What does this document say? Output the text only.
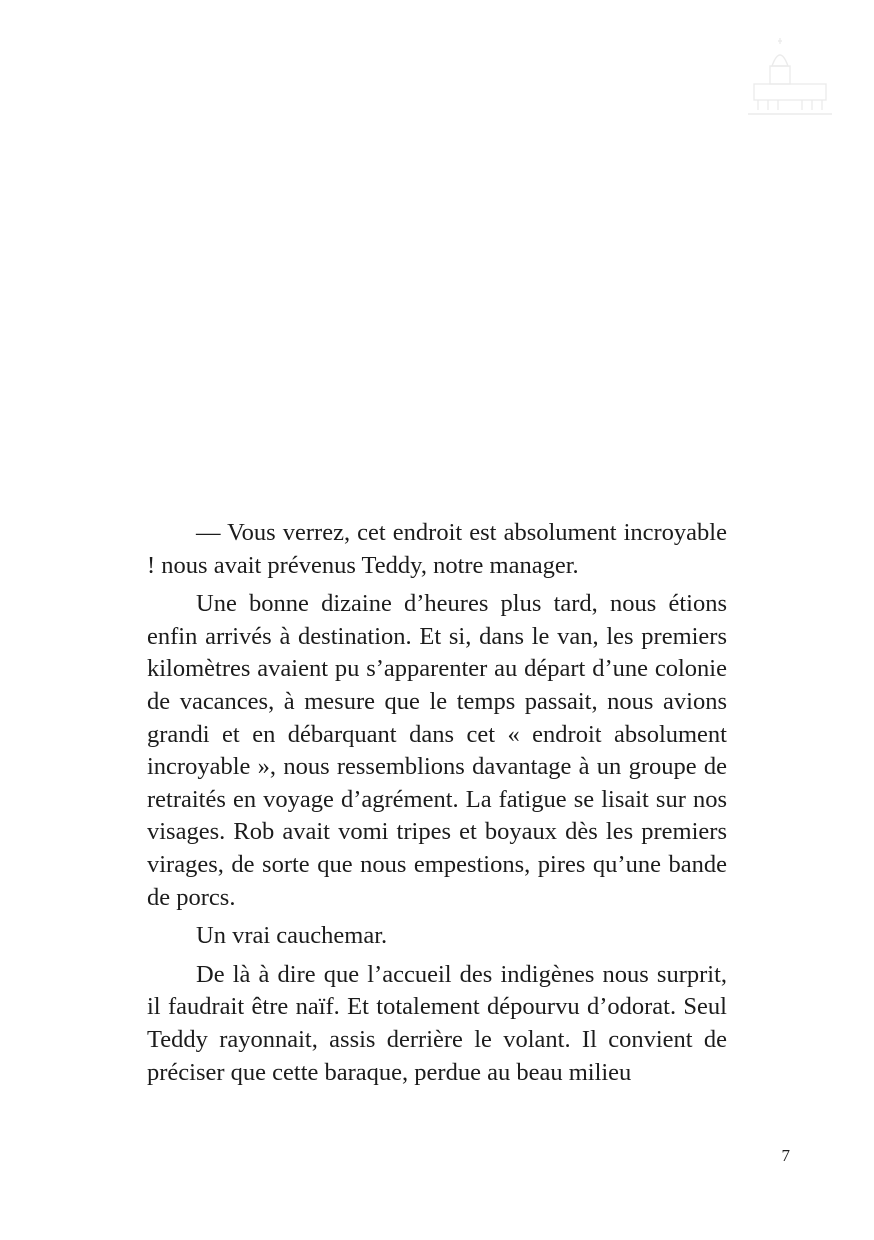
— Vous verrez, cet endroit est absolument incroyable ! nous avait prévenus Teddy, notre manager.

Une bonne dizaine d’heures plus tard, nous étions enfin arrivés à destination. Et si, dans le van, les premiers kilomètres avaient pu s’apparenter au départ d’une colonie de vacances, à mesure que le temps passait, nous avions grandi et en débarquant dans cet « endroit absolument incroyable », nous ressemblions davantage à un groupe de retraités en voyage d’agrément. La fatigue se lisait sur nos visages. Rob avait vomi tripes et boyaux dès les premiers virages, de sorte que nous empestions, pires qu’une bande de porcs.

Un vrai cauchemar.

De là à dire que l’accueil des indigènes nous surprit, il faudrait être naïf. Et totalement dépourvu d’odorat. Seul Teddy rayonnait, assis derrière le volant. Il convient de préciser que cette baraque, perdue au beau milieu

7
